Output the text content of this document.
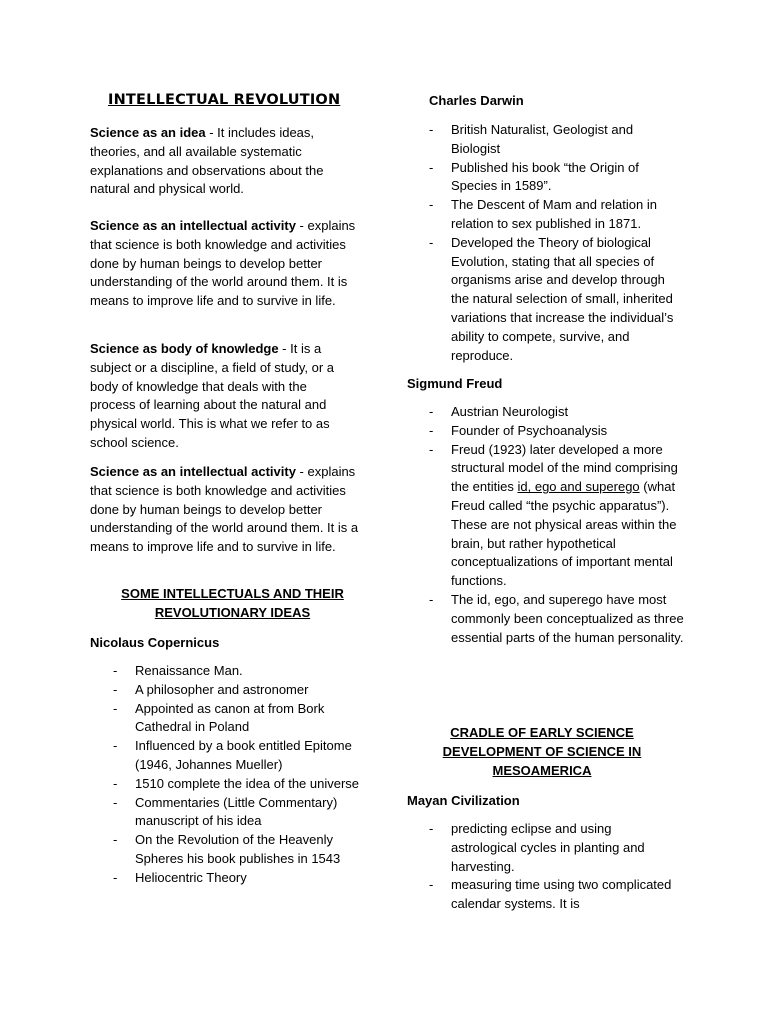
INTELLECTUAL REVOLUTION

Science as an idea - It includes ideas, theories, and all available systematic explanations and observations about the natural and physical world.

Science as an intellectual activity - explains that science is both knowledge and activities done by human beings to develop better understanding of the world around them. It is means to improve life and to survive in life.

Science as body of knowledge - It is a subject or a discipline, a field of study, or a body of knowledge that deals with the process of learning about the natural and physical world. This is what we refer to as school science.

Science as an intellectual activity - explains that science is both knowledge and activities done by human beings to develop better understanding of the world around them. It is a means to improve life and to survive in life.

SOME INTELLECTUALS AND THEIR
REVOLUTIONARY IDEAS
Nicolaus Copernicus
- Renaissance Man.
- A philosopher and astronomer
- Appointed as canon at from Bork Cathedral in Poland
- Influenced by a book entitled Epitome (1946, Johannes Mueller)
- 1510 complete the idea of the universe
- Commentaries (Little Commentary) manuscript of his idea
- On the Revolution of the Heavenly Spheres his book publishes in 1543
- Heliocentric Theory
Charles Darwin
- British Naturalist, Geologist and Biologist
- Published his book “the Origin of Species in 1589”.
- The Descent of Mam and relation in relation to sex published in 1871.
- Developed the Theory of biological Evolution, stating that all species of organisms arise and develop through the natural selection of small, inherited variations that increase the individual’s ability to compete, survive, and reproduce.
Sigmund Freud
- Austrian Neurologist
- Founder of Psychoanalysis
- Freud (1923) later developed a more structural model of the mind comprising the entities id, ego and superego (what Freud called “the psychic apparatus”). These are not physical areas within the brain, but rather hypothetical conceptualizations of important mental functions.
- The id, ego, and superego have most commonly been conceptualized as three essential parts of the human personality.
CRADLE OF EARLY SCIENCE
DEVELOPMENT OF SCIENCE IN
MESOAMERICA
Mayan Civilization
- predicting eclipse and using astrological cycles in planting and harvesting.
- measuring time using two complicated calendar systems. It is
